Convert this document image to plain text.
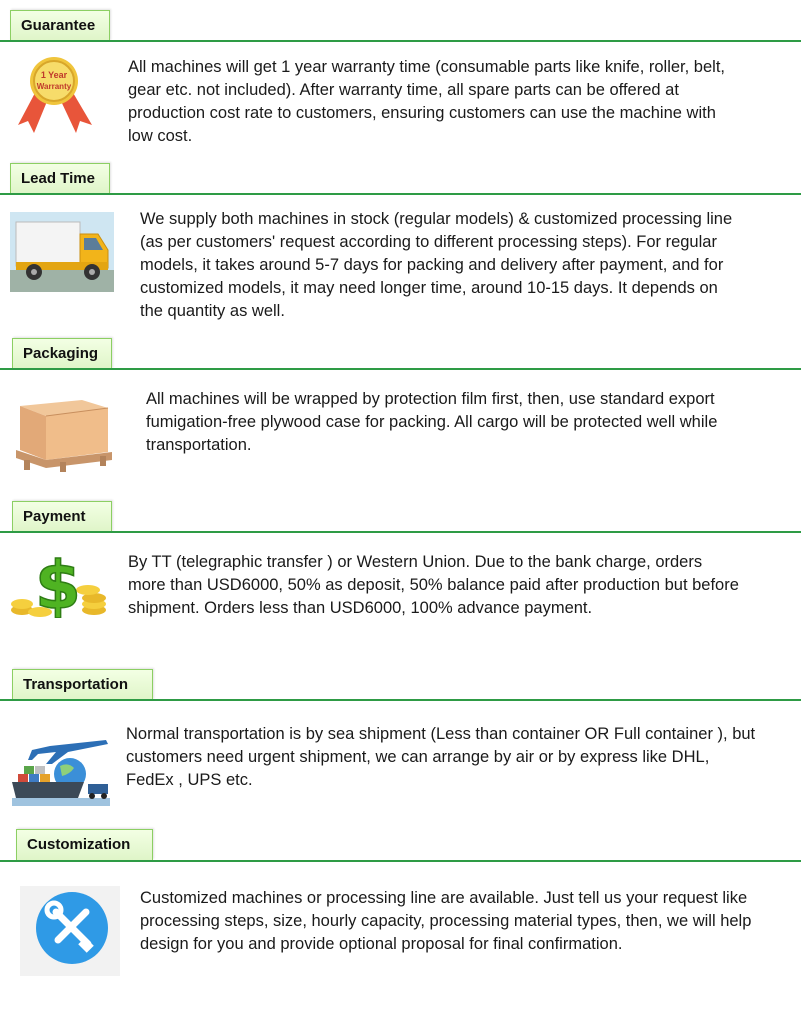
Guarantee
1 Year
Warranty
All machines will get 1 year warranty time (consumable parts like knife, roller, belt,
gear etc. not included). After warranty time, all spare parts can be offered at
production cost rate to customers, ensuring customers can use the machine with
low cost.
Lead Time
We supply both machines in stock (regular models) & customized processing line
(as per customers' request according to different processing steps). For regular
models, it takes around 5-7 days for packing and delivery after payment, and for
customized models, it may need longer time, around 10-15 days. It depends on
the quantity as well.
Packaging
All machines will be wrapped by protection film first, then, use standard export
fumigation-free plywood case for packing. All cargo will be protected well while
transportation.
Payment
$	By TT (telegraphic transfer ) or Western Union. Due to the bank charge, orders
more than USD6000, 50% as deposit, 50% balance paid after production but before
shipment. Orders less than USD6000, 100% advance payment.
Transportation
Normal transportation is by sea shipment (Less than container OR Full container ), but
customers need urgent shipment, we can arrange by air or by express like DHL,
FedEx , UPS etc.
Customization
Customized machines or processing line are available. Just tell us your request like
processing steps, size, hourly capacity, processing material types, then, we will help
design for you and provide optional proposal for final confirmation.
